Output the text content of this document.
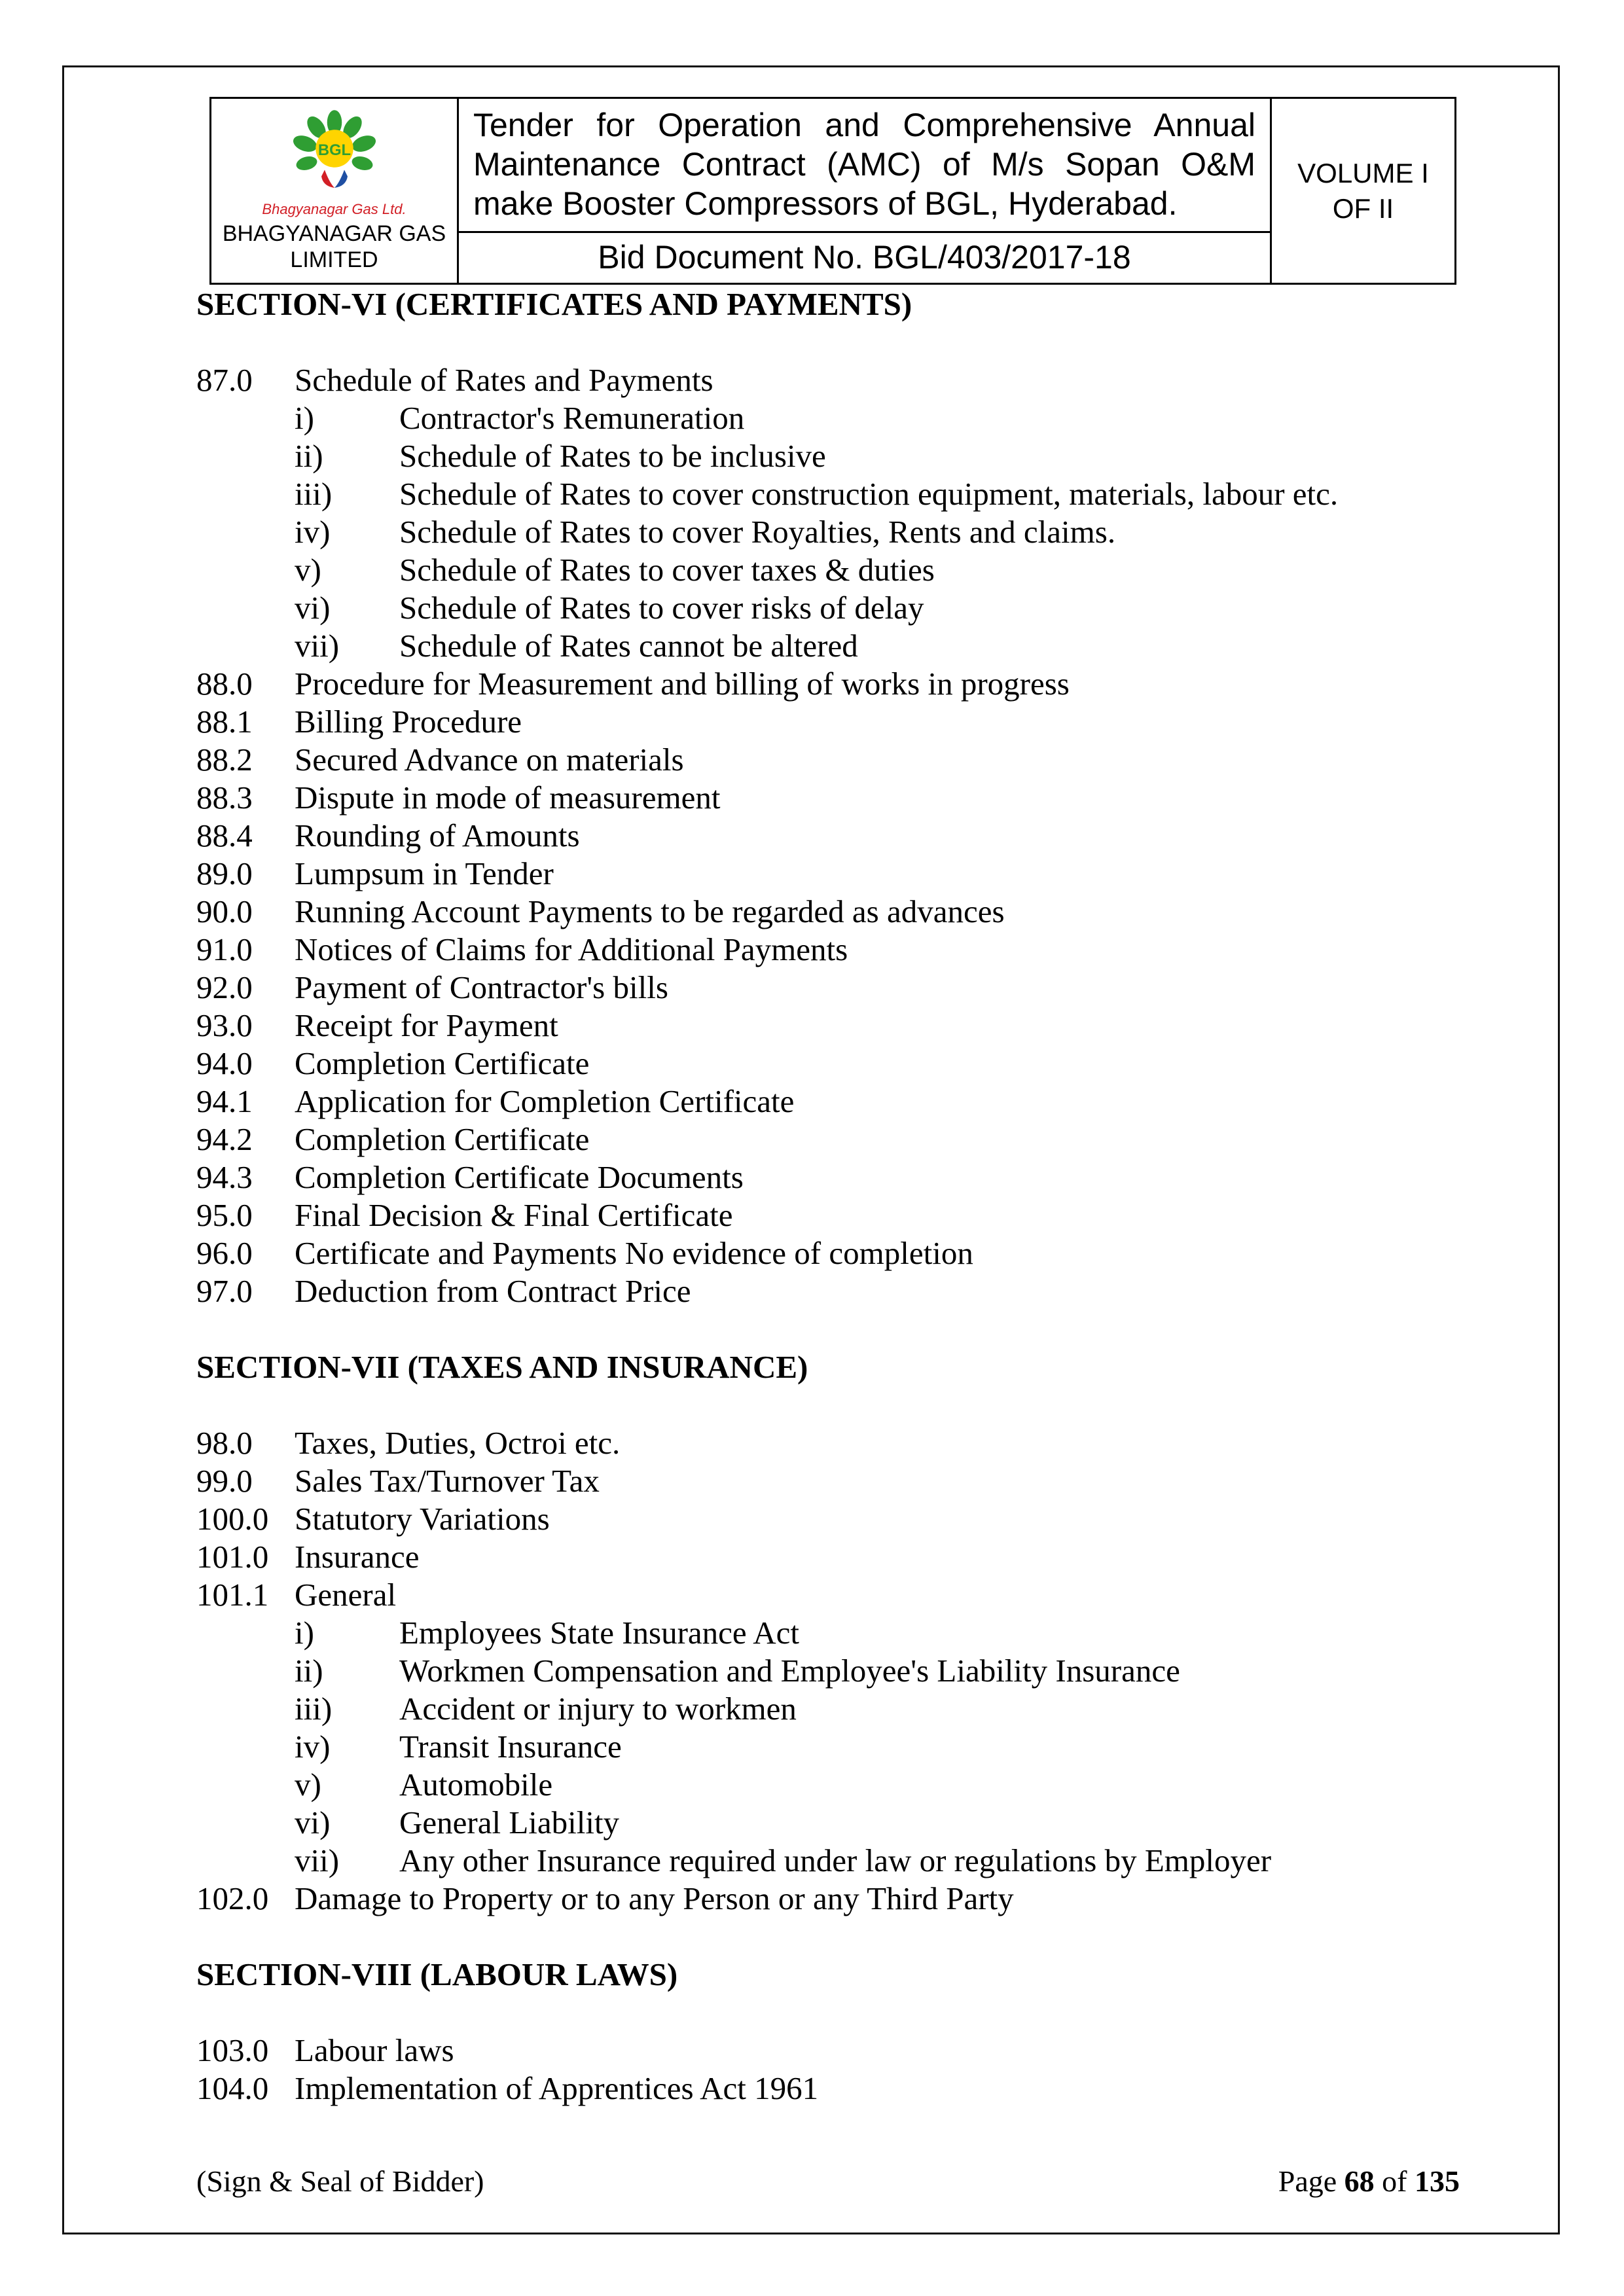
BGL
Bhagyanagar Gas Ltd.
BHAGYANAGAR GAS
LIMITED
Tender for Operation and Comprehensive Annual
Maintenance Contract (AMC) of M/s Sopan O&M
make Booster Compressors of BGL, Hyderabad.
Bid Document No. BGL/403/2017-18
VOLUME I
OF II
SECTION-VI (CERTIFICATES AND PAYMENTS)
87.0	Schedule of Rates and Payments
i)	Contractor's Remuneration
ii)	Schedule of Rates to be inclusive
iii)	Schedule of Rates to cover construction equipment, materials, labour etc.
iv)	Schedule of Rates to cover Royalties, Rents and claims.
v)	Schedule of Rates to cover taxes & duties
vi)	Schedule of Rates to cover risks of delay
vii)	Schedule of Rates cannot be altered
88.0	Procedure for Measurement and billing of works in progress
88.1	Billing Procedure
88.2	Secured Advance on materials
88.3	Dispute in mode of measurement
88.4	Rounding of Amounts
89.0	Lumpsum in Tender
90.0	Running Account Payments to be regarded as advances
91.0	Notices of Claims for Additional Payments
92.0	Payment of Contractor's bills
93.0	Receipt for Payment
94.0	Completion Certificate
94.1	Application for Completion Certificate
94.2	Completion Certificate
94.3	Completion Certificate Documents
95.0	Final Decision & Final Certificate
96.0	Certificate and Payments No evidence of completion
97.0	Deduction from Contract Price
SECTION-VII (TAXES AND INSURANCE)
98.0	Taxes, Duties, Octroi etc.
99.0	Sales Tax/Turnover Tax
100.0 Statutory Variations
101.0 Insurance
101.1 General
i)	Employees State Insurance Act
ii)	Workmen Compensation and Employee's Liability Insurance
iii)	Accident or injury to workmen
iv)	Transit Insurance
v)	Automobile
vi)	General Liability
vii)	Any other Insurance required under law or regulations by Employer
102.0 Damage to Property or to any Person or any Third Party
SECTION-VIII (LABOUR LAWS)
103.0 Labour laws
104.0 Implementation of Apprentices Act 1961
(Sign & Seal of Bidder)	Page 68 of 135
